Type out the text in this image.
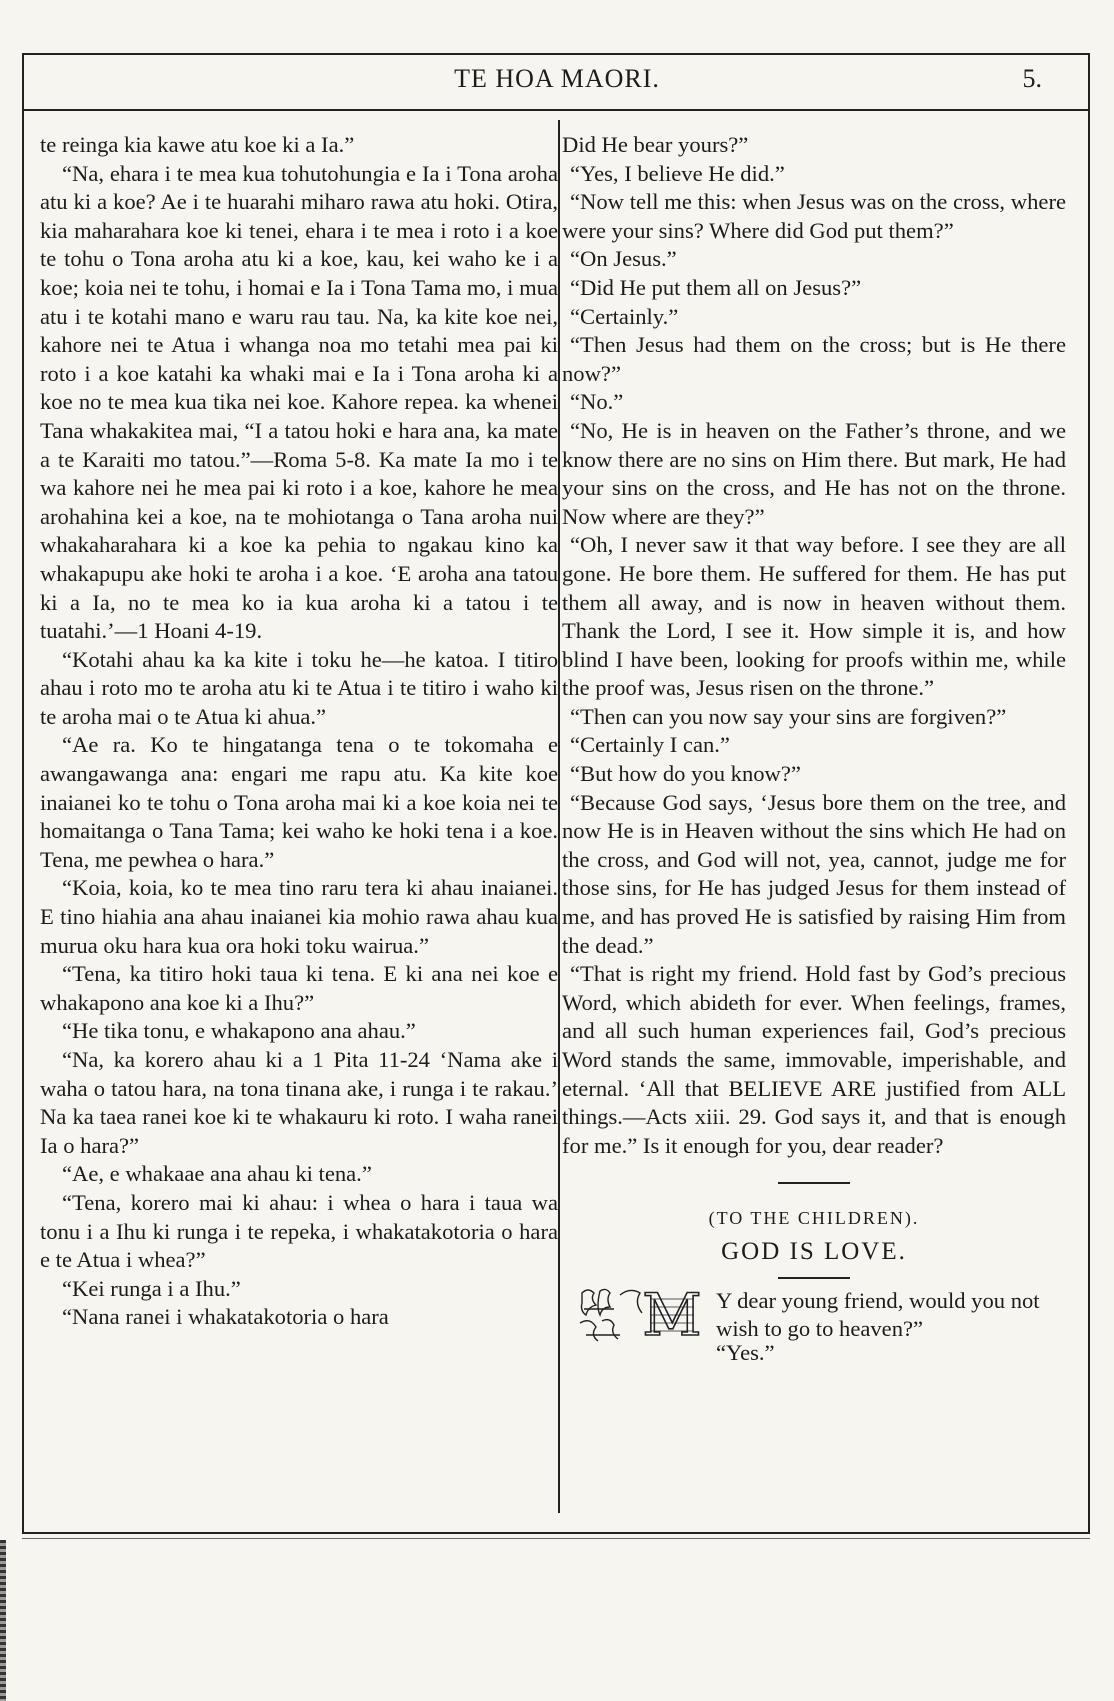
TE HOA MAORI.	5.

te reinga kia kawe atu koe ki a Ia.”

“Na, ehara i te mea kua tohutohungia e Ia i Tona aroha atu ki a koe? Ae i te huarahi miharo rawa atu hoki. Otira, kia maharahara koe ki tenei, ehara i te mea i roto i a koe te tohu o Tona aroha atu ki a koe, kau, kei waho ke i a koe; koia nei te tohu, i homai e Ia i Tona Tama mo, i mua atu i te kotahi mano e waru rau tau. Na, ka kite koe nei, kahore nei te Atua i whanga noa mo tetahi mea pai ki roto i a koe katahi ka whaki mai e Ia i Tona aroha ki a koe no te mea kua tika nei koe. Kahore repea. ka whenei Tana whakakitea mai, “I a tatou hoki e hara ana, ka mate a te Karaiti mo tatou.”—Roma 5-8. Ka mate Ia mo i te wa kahore nei he mea pai ki roto i a koe, kahore he mea arohahina kei a koe, na te mohiotanga o Tana aroha nui whakaharahara ki a koe ka pehia to ngakau kino ka whakapupu ake hoki te aroha i a koe. ‘E aroha ana tatou ki a Ia, no te mea ko ia kua aroha ki a tatou i te tuatahi.’—1 Hoani 4-19.

“Kotahi ahau ka ka kite i toku he—he katoa. I titiro ahau i roto mo te aroha atu ki te Atua i te titiro i waho ki te aroha mai o te Atua ki ahua.”

“Ae ra. Ko te hingatanga tena o te tokomaha e awangawanga ana: engari me rapu atu. Ka kite koe inaianei ko te tohu o Tona aroha mai ki a koe koia nei te homaitanga o Tana Tama; kei waho ke hoki tena i a koe. Tena, me pewhea o hara.”

“Koia, koia, ko te mea tino raru tera ki ahau inaianei. E tino hiahia ana ahau inaianei kia mohio rawa ahau kua murua oku hara kua ora hoki toku wairua.”

“Tena, ka titiro hoki taua ki tena. E ki ana nei koe e whakapono ana koe ki a Ihu?”

“He tika tonu, e whakapono ana ahau.”

“Na, ka korero ahau ki a 1 Pita 11-24 ‘Nama ake i waha o tatou hara, na tona tinana ake, i runga i te rakau.’ Na ka taea ranei koe ki te whakauru ki roto. I waha ranei Ia o hara?”

“Ae, e whakaae ana ahau ki tena.”

“Tena, korero mai ki ahau: i whea o hara i taua wa tonu i a Ihu ki runga i te repeka, i whakatakotoria o hara e te Atua i whea?”

“Kei runga i a Ihu.”

“Nana ranei i whakatakotoria o hara

Did He bear yours?”

“Yes, I believe He did.”

“Now tell me this: when Jesus was on the cross, where were your sins? Where did God put them?”

“On Jesus.”

“Did He put them all on Jesus?”

“Certainly.”

“Then Jesus had them on the cross; but is He there now?”

“No.”

“No, He is in heaven on the Father’s throne, and we know there are no sins on Him there. But mark, He had your sins on the cross, and He has not on the throne. Now where are they?”

“Oh, I never saw it that way before. I see they are all gone. He bore them. He suffered for them. He has put them all away, and is now in heaven without them. Thank the Lord, I see it. How simple it is, and how blind I have been, looking for proofs within me, while the proof was, Jesus risen on the throne.”

“Then can you now say your sins are forgiven?”

“Certainly I can.”

“But how do you know?”

“Because God says, ‘Jesus bore them on the tree, and now He is in Heaven without the sins which He had on the cross, and God will not, yea, cannot, judge me for those sins, for He has judged Jesus for them instead of me, and has proved He is satisfied by raising Him from the dead.”

“That is right my friend. Hold fast by God’s precious Word, which abideth for ever. When feelings, frames, and all such human experiences fail, God’s precious Word stands the same, immovable, imperishable, and eternal. ‘All that BELIEVE ARE justified from ALL things.—Acts xiii. 29. God says it, and that is enough for me.” Is it enough for you, dear reader?

(TO THE CHILDREN).
GOD IS LOVE.
M Y dear young friend, would you not wish to go to heaven?”
“Yes.”
